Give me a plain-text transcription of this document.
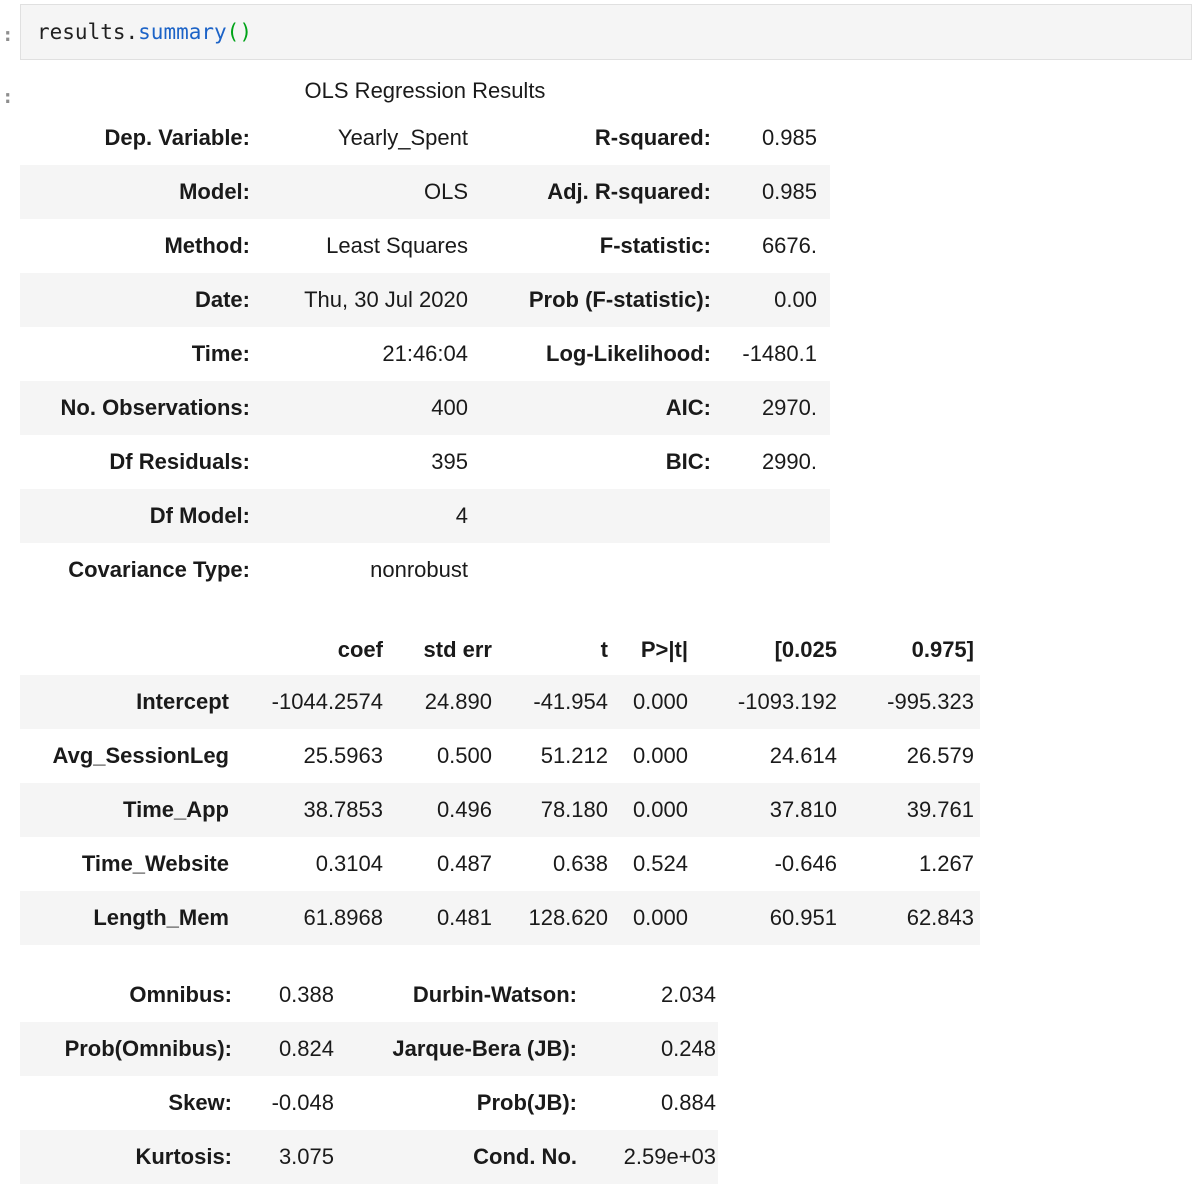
:
:
results.summary()
OLS Regression Results
Dep. Variable:	Yearly_Spent	R-squared:	0.985
Model:	OLS	Adj. R-squared:	0.985
Method:	Least Squares	F-statistic:	6676.
Date:	Thu, 30 Jul 2020	Prob (F-statistic):	0.00
Time:	21:46:04	Log-Likelihood:	-1480.1
No. Observations:	400	AIC:	2970.
Df Residuals:	395	BIC:	2990.
Df Model:	4		
Covariance Type:	nonrobust		
	coef	std err	t	P>|t|	[0.025	0.975]
Intercept	-1044.2574	24.890	-41.954	0.000	-1093.192	-995.323
Avg_SessionLeg	25.5963	0.500	51.212	0.000	24.614	26.579
Time_App	38.7853	0.496	78.180	0.000	37.810	39.761
Time_Website	0.3104	0.487	0.638	0.524	-0.646	1.267
Length_Mem	61.8968	0.481	128.620	0.000	60.951	62.843
Omnibus:	0.388	Durbin-Watson:	2.034
Prob(Omnibus):	0.824	Jarque-Bera (JB):	0.248
Skew:	-0.048	Prob(JB):	0.884
Kurtosis:	3.075	Cond. No.	2.59e+03
